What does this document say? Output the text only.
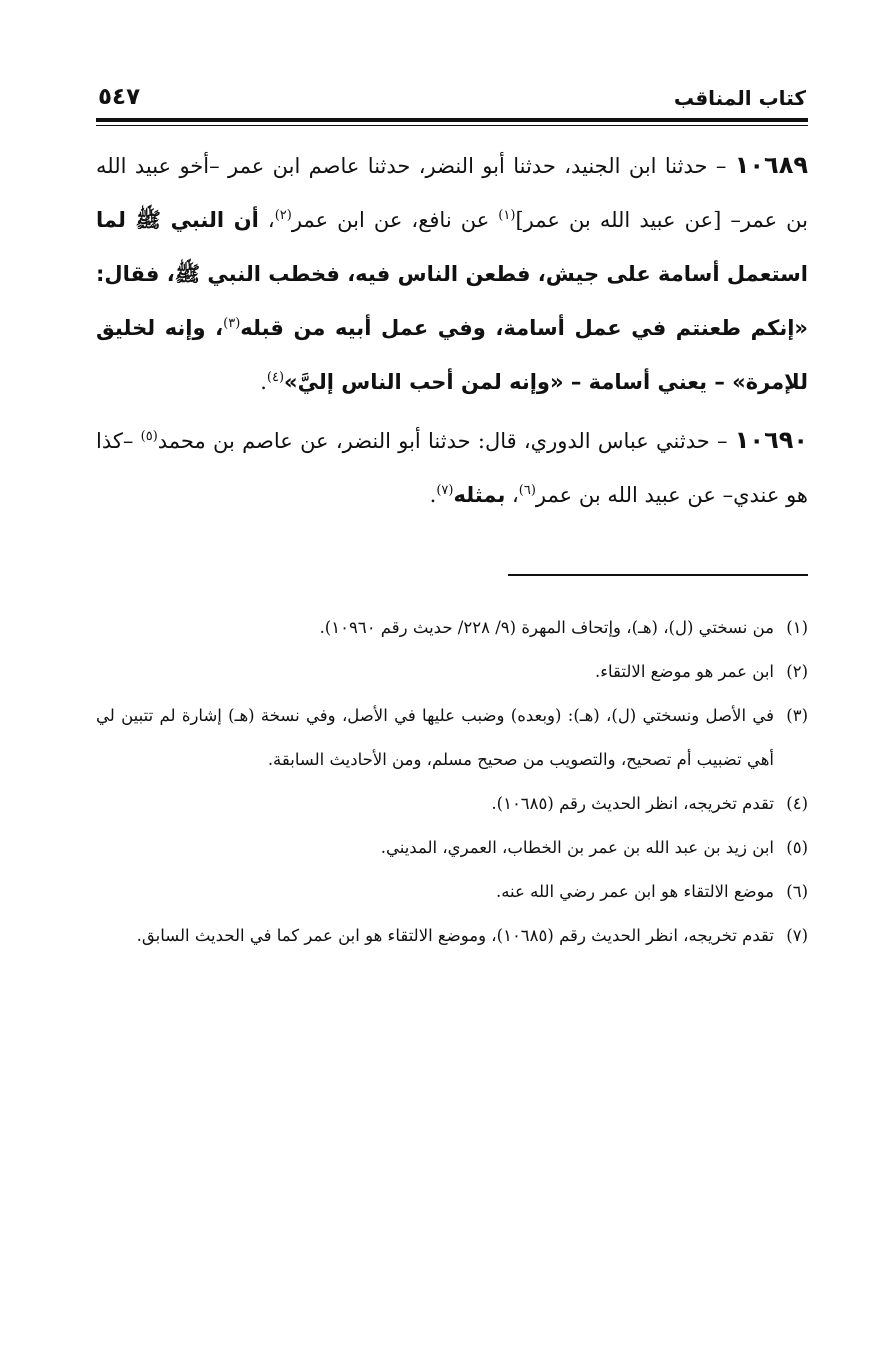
كتاب المناقب
٥٤٧

١٠٦٨٩ – حدثنا ابن الجنيد، حدثنا أبو النضر، حدثنا عاصم ابن عمر –أخو عبيد الله بن عمر– [عن عبيد الله بن عمر]$^{(١)}$ عن نافع، عن ابن عمر$^{(٢)}$، أن النبي ﷺ لما استعمل أسامة على جيش، فطعن الناس فيه، فخطب النبي ﷺ، فقال: «إنكم طعنتم في عمل أسامة، وفي عمل أبيه من قبله$^{(٣)}$، وإنه لخليق للإمرة» – يعني أسامة – «وإنه لمن أحب الناس إليَّ»$^{(٤)}$.

١٠٦٩٠ – حدثني عباس الدوري، قال: حدثنا أبو النضر، عن عاصم بن محمد$^{(٥)}$ –كذا هو عندي– عن عبيد الله بن عمر$^{(٦)}$، بمثله$^{(٧)}$.

(١)
من نسختي (ل)، (هـ)، وإتحاف المهرة (٩/ ٢٢٨/ حديث رقم ١٠٩٦٠).
(٢)
ابن عمر هو موضع الالتقاء.
(٣)
في الأصل ونسختي (ل)، (هـ): (وبعده) وضبب عليها في الأصل، وفي نسخة (هـ) إشارة لم تتبين لي أهي تضبيب أم تصحيح، والتصويب من صحيح مسلم، ومن الأحاديث السابقة.
(٤)
تقدم تخريجه، انظر الحديث رقم (١٠٦٨٥).
(٥)
ابن زيد بن عبد الله بن عمر بن الخطاب، العمري، المديني.
(٦)
موضع الالتقاء هو ابن عمر رضي الله عنه.
(٧)
تقدم تخريجه، انظر الحديث رقم (١٠٦٨٥)، وموضع الالتقاء هو ابن عمر كما في الحديث السابق.
